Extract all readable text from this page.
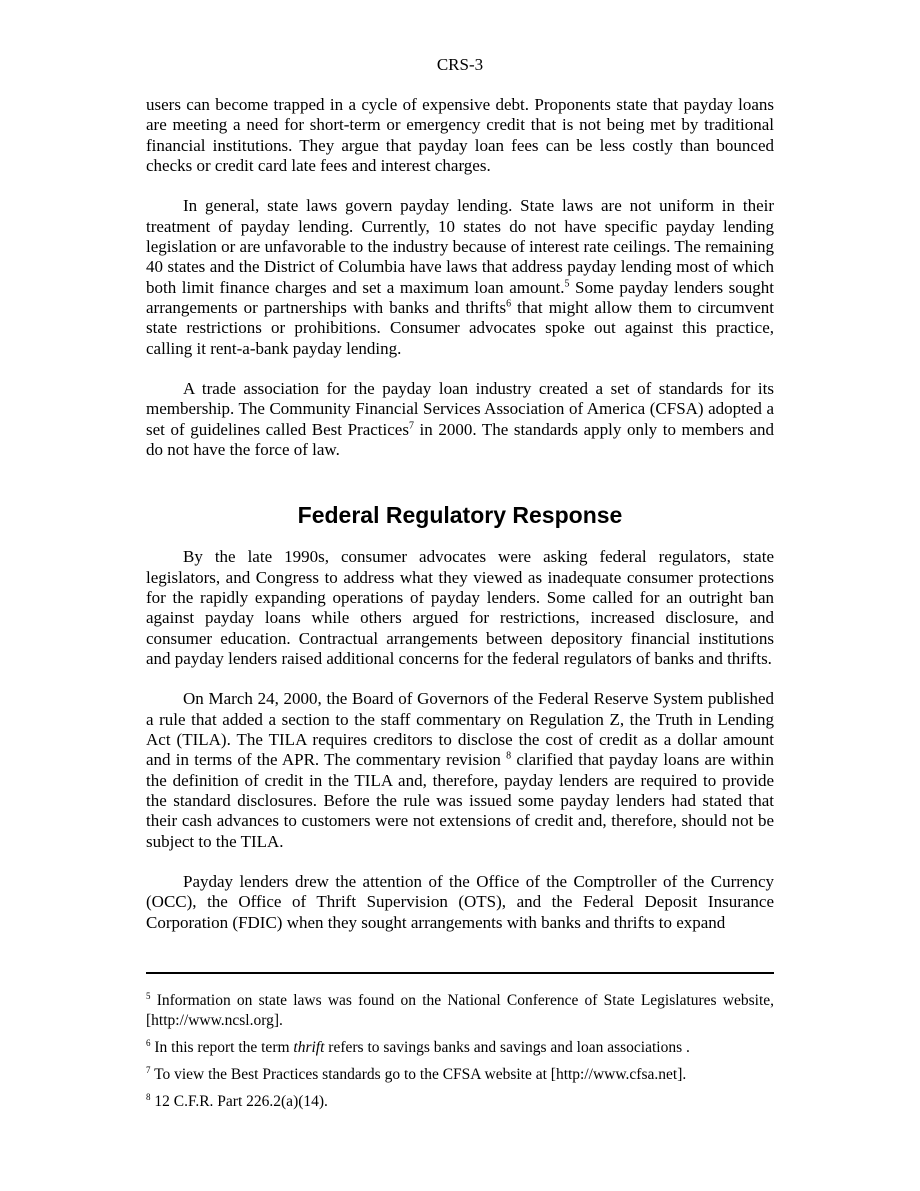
CRS-3

users can become trapped in a cycle of expensive debt. Proponents state that payday loans are meeting a need for short-term or emergency credit that is not being met by traditional financial institutions. They argue that payday loan fees can be less costly than bounced checks or credit card late fees and interest charges.

In general, state laws govern payday lending. State laws are not uniform in their treatment of payday lending. Currently, 10 states do not have specific payday lending legislation or are unfavorable to the industry because of interest rate ceilings. The remaining 40 states and the District of Columbia have laws that address payday lending most of which both limit finance charges and set a maximum loan amount.$^5$ Some payday lenders sought arrangements or partnerships with banks and thrifts$^6$ that might allow them to circumvent state restrictions or prohibitions. Consumer advocates spoke out against this practice, calling it rent-a-bank payday lending.

A trade association for the payday loan industry created a set of standards for its membership. The Community Financial Services Association of America (CFSA) adopted a set of guidelines called Best Practices$^7$ in 2000. The standards apply only to members and do not have the force of law.

Federal Regulatory Response

By the late 1990s, consumer advocates were asking federal regulators, state legislators, and Congress to address what they viewed as inadequate consumer protections for the rapidly expanding operations of payday lenders. Some called for an outright ban against payday loans while others argued for restrictions, increased disclosure, and consumer education. Contractual arrangements between depository financial institutions and payday lenders raised additional concerns for the federal regulators of banks and thrifts.

On March 24, 2000, the Board of Governors of the Federal Reserve System published a rule that added a section to the staff commentary on Regulation Z, the Truth in Lending Act (TILA). The TILA requires creditors to disclose the cost of credit as a dollar amount and in terms of the APR. The commentary revision $^8$ clarified that payday loans are within the definition of credit in the TILA and, therefore, payday lenders are required to provide the standard disclosures. Before the rule was issued some payday lenders had stated that their cash advances to customers were not extensions of credit and, therefore, should not be subject to the TILA.

Payday lenders drew the attention of the Office of the Comptroller of the Currency (OCC), the Office of Thrift Supervision (OTS), and the Federal Deposit Insurance Corporation (FDIC) when they sought arrangements with banks and thrifts to expand

$^5$ Information on state laws was found on the National Conference of State Legislatures website, [http://www.ncsl.org].

$^6$ In this report the term thrift refers to savings banks and savings and loan associations .

$^7$ To view the Best Practices standards go to the CFSA website at [http://www.cfsa.net].

$^8$ 12 C.F.R. Part 226.2(a)(14).
